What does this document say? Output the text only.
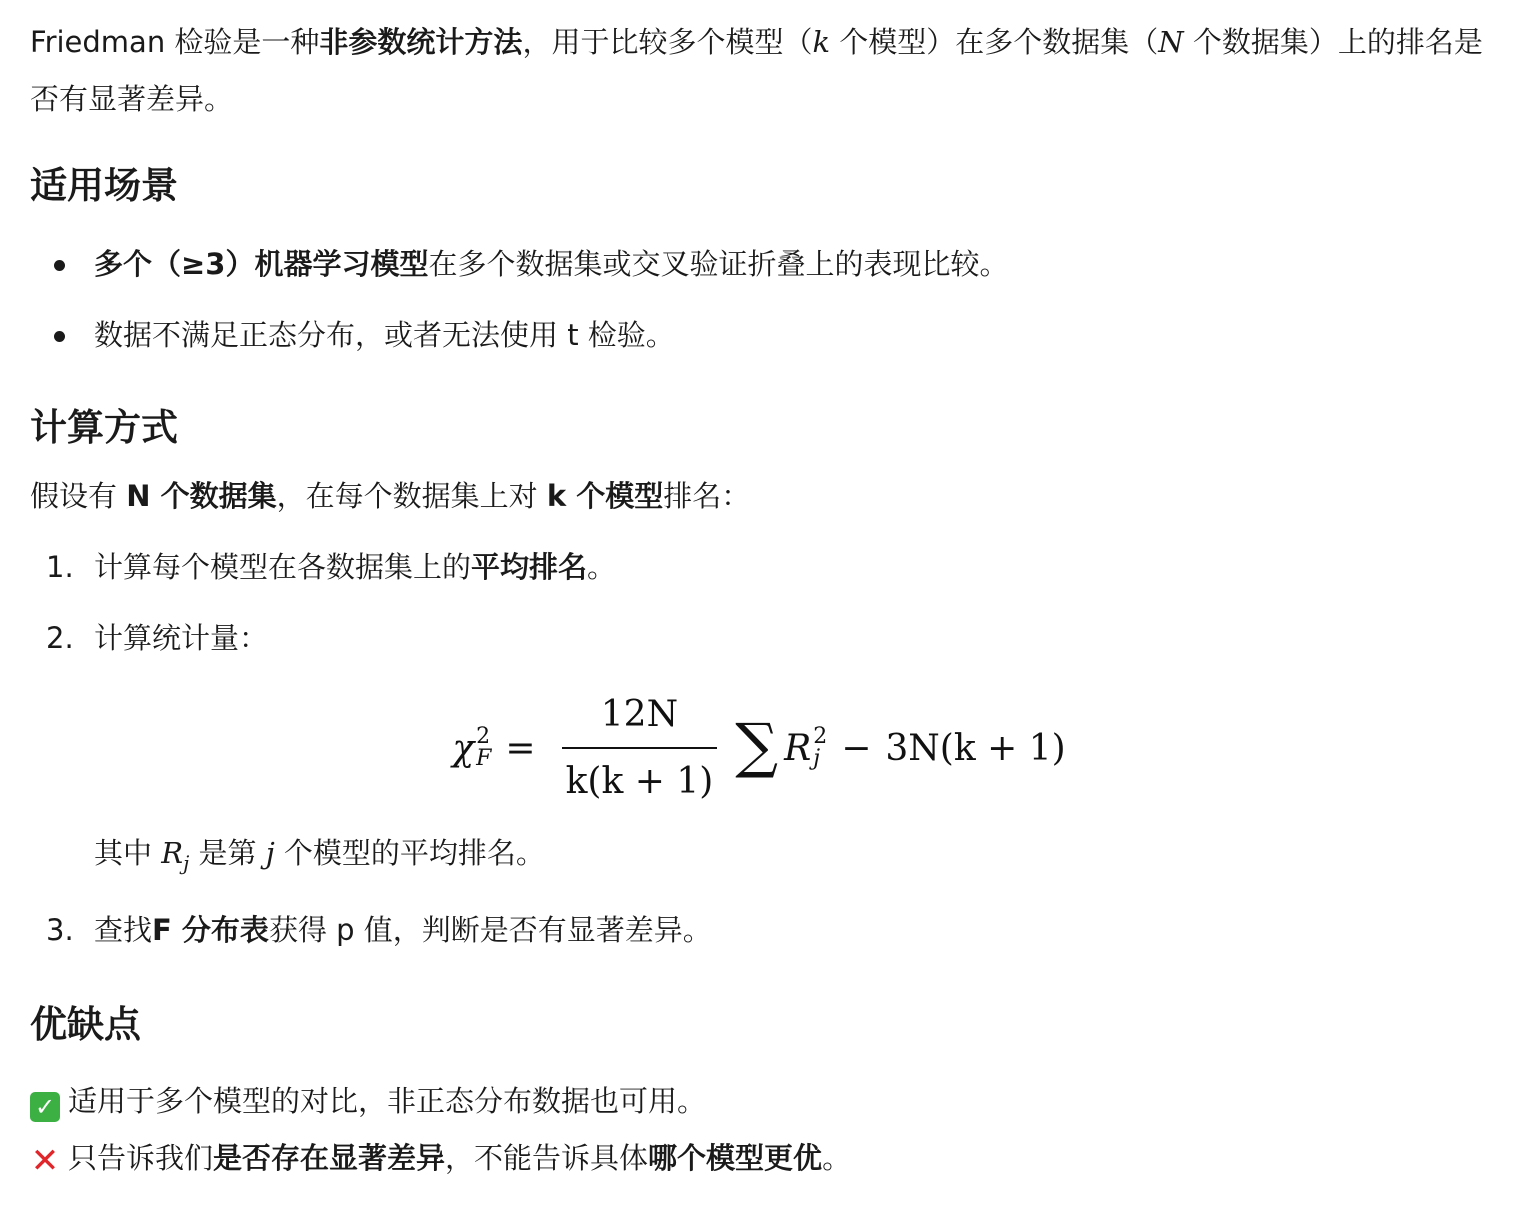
Friedman 检验是一种非参数统计方法，用于比较多个模型（k 个模型）在多个数据集（N 个数据集）上的排名是否有显著差异。

适用场景
多个（≥3）机器学习模型在多个数据集或交叉验证折叠上的表现比较。
数据不满足正态分布，或者无法使用 t 检验。
计算方式

假设有 N 个数据集，在每个数据集上对 k 个模型排名：

1. 计算每个模型在各数据集上的平均排名。
2. 计算统计量：
χ 2
$F = \frac{12N}{k(k + 1)}$ ∑ R 2
j − 3N(k + 1)

其中 $R_j$ 是第 j 个模型的平均排名。

3. 查找F 分布表获得 p 值，判断是否有显著差异。
优缺点

✓ 适用于多个模型的对比，非正态分布数据也可用。

✕ 只告诉我们是否存在显著差异，不能告诉具体哪个模型更优。
